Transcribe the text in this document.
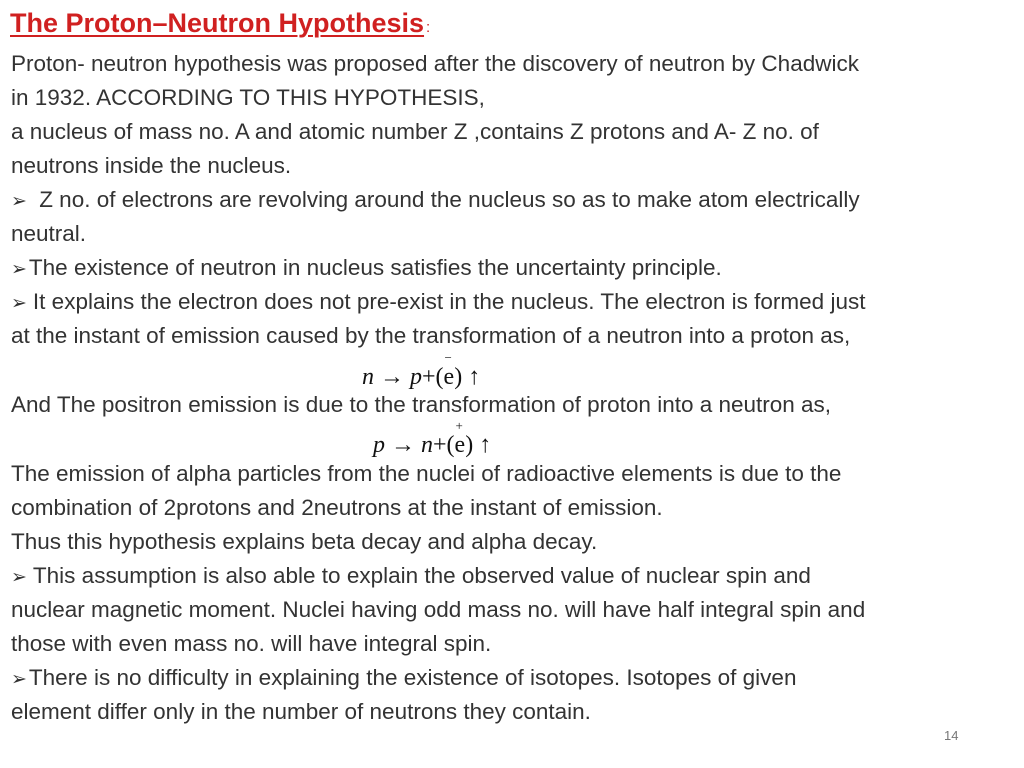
The Proton–Neutron Hypothesis :
Proton- neutron hypothesis was proposed after the discovery of neutron by Chadwick
in 1932. ACCORDING TO THIS HYPOTHESIS,
a nucleus of mass no. A and atomic number Z ,contains Z protons and A- Z no. of
neutrons inside the nucleus.
➢ Z no. of electrons are revolving around the nucleus so as to make atom electrically
neutral.
➢The existence of neutron in nucleus satisfies the uncertainty principle.
➢ It explains the electron does not pre-exist in the nucleus. The electron is formed just
at the instant of emission caused by the transformation of a neutron into a proton as,
n → p+(e)
−
↑
And The positron emission is due to the transformation of proton into a neutron as,
p → n+(e)
+
↑
The emission of alpha particles from the nuclei of radioactive elements is due to the
combination of 2protons and 2neutrons at the instant of emission.
Thus this hypothesis explains beta decay and alpha decay.
➢ This assumption is also able to explain the observed value of nuclear spin and
nuclear magnetic moment. Nuclei having odd mass no. will have half integral spin and
those with even mass no. will have integral spin.
➢There is no difficulty in explaining the existence of isotopes. Isotopes of given
element differ only in the number of neutrons they contain.
14
